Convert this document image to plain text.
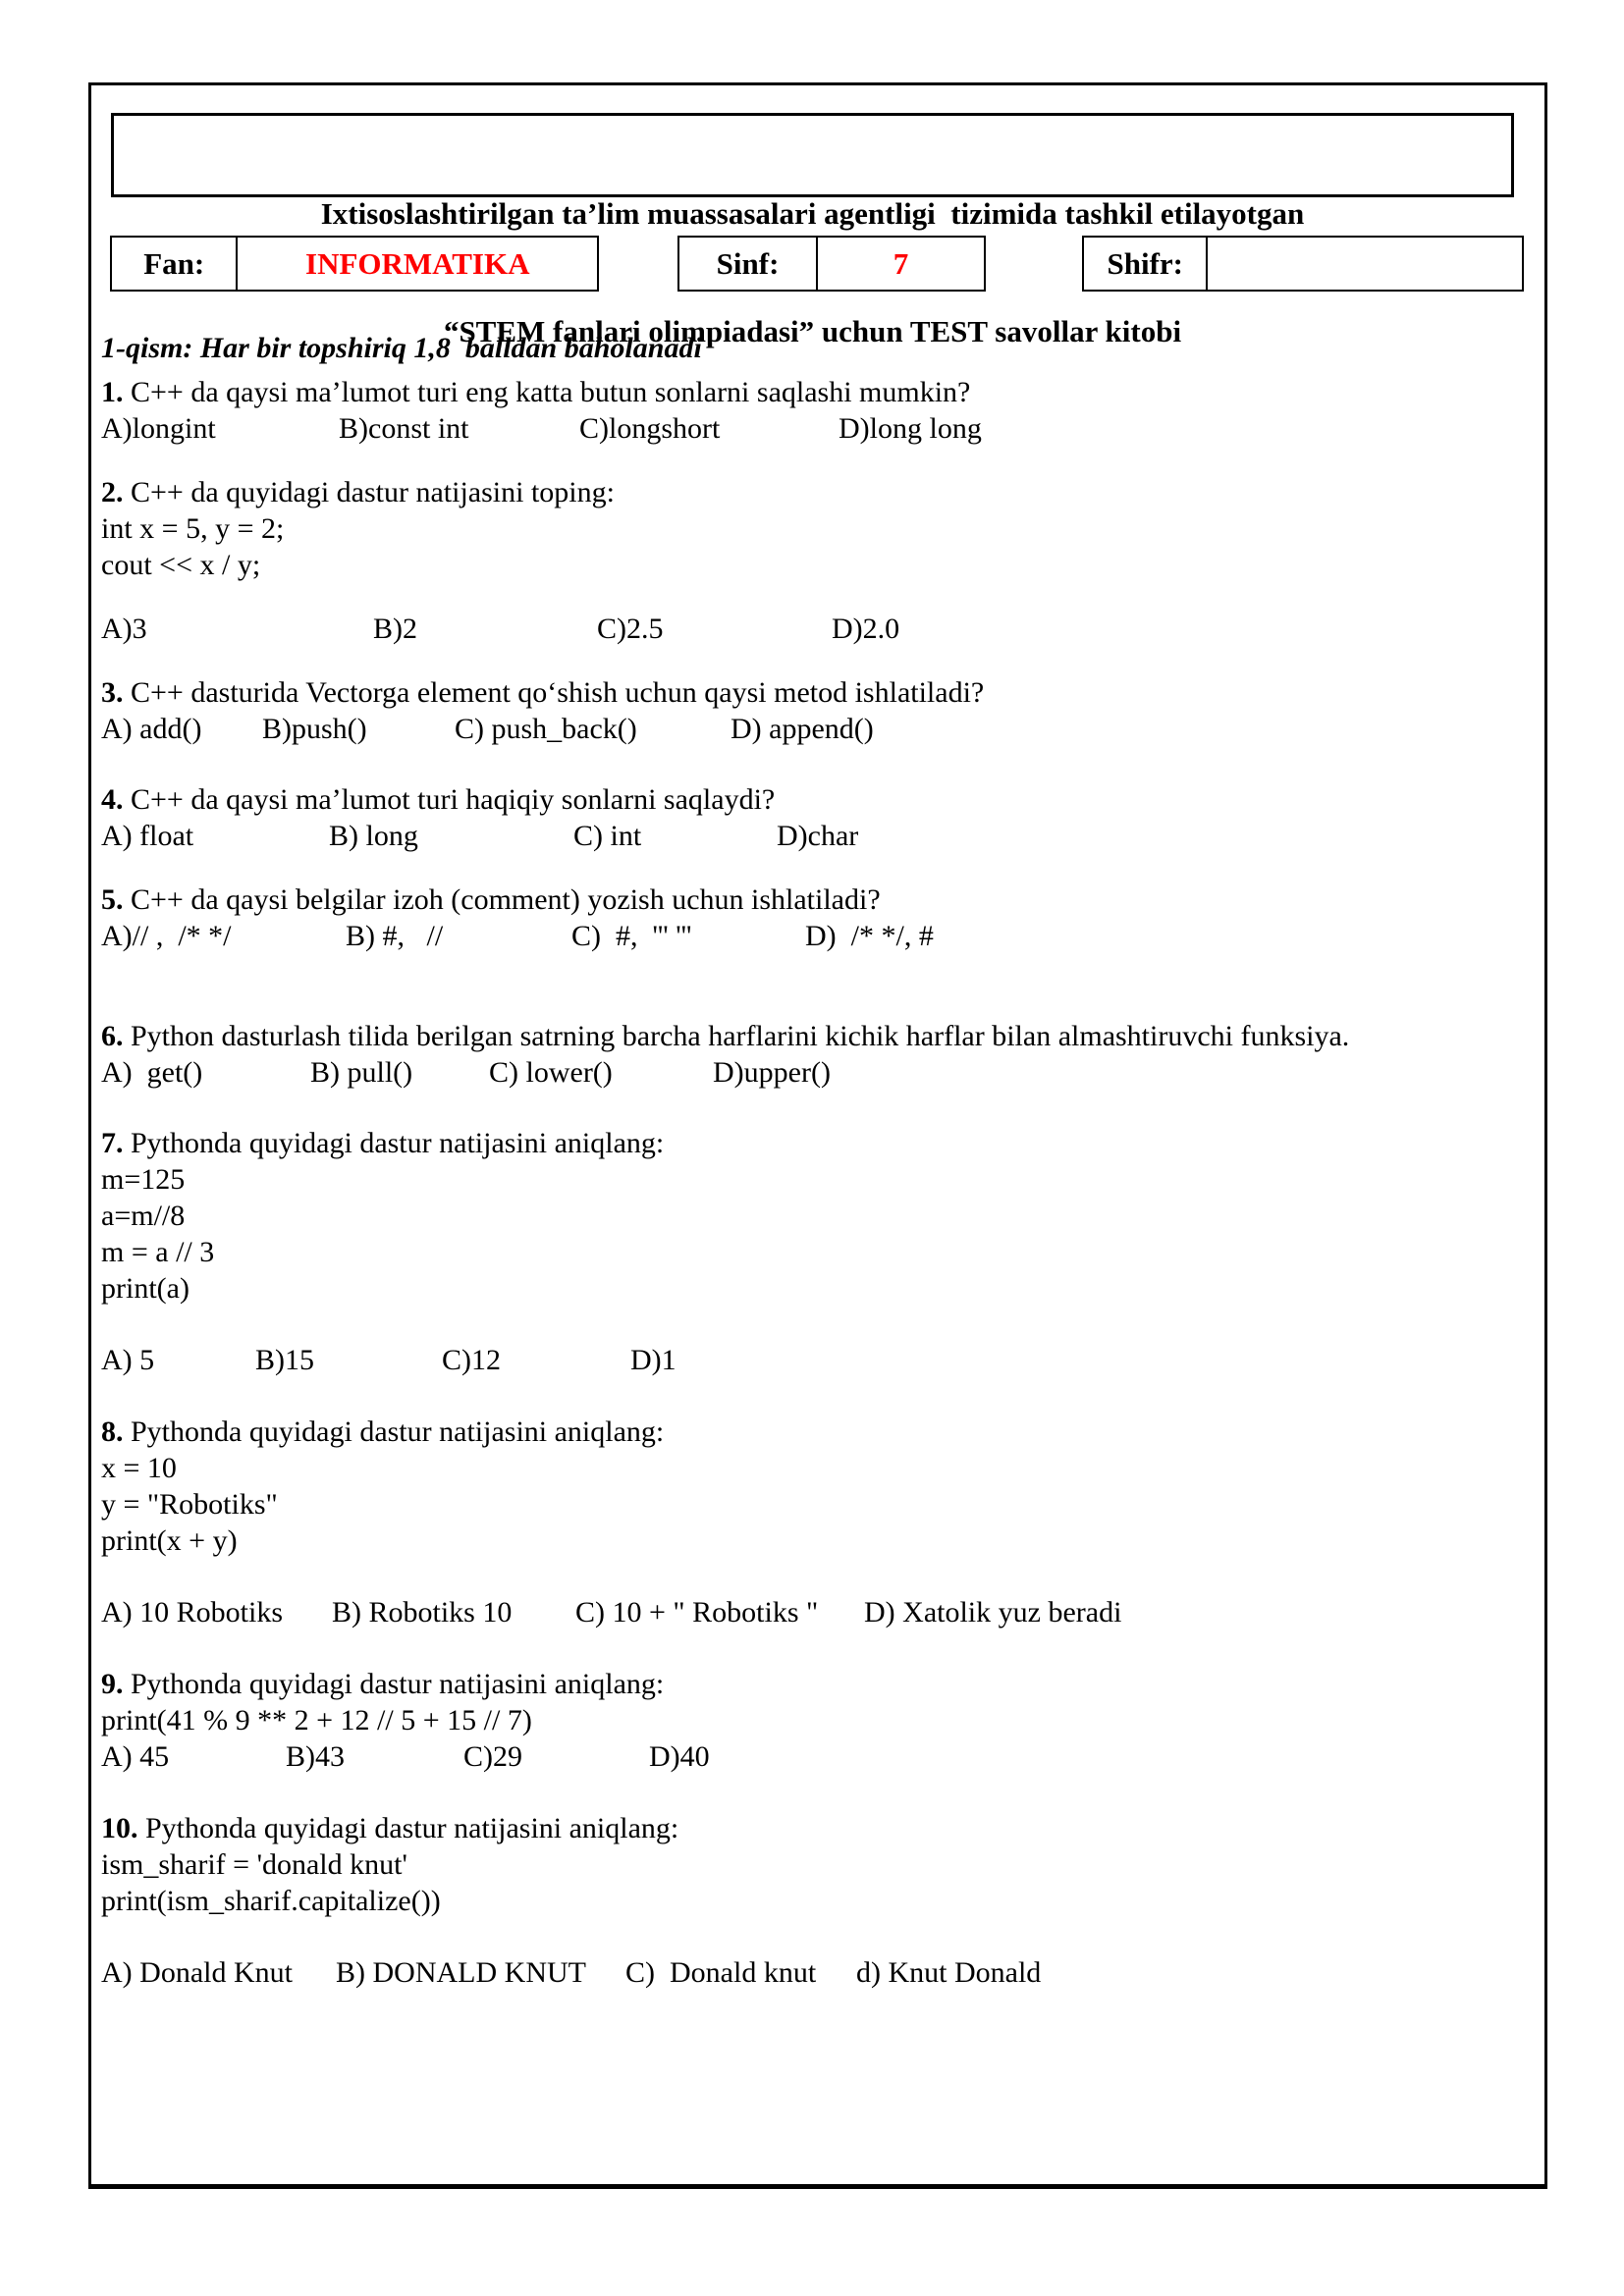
Ixtisoslashtirilgan ta’lim muassasalari agentligi  tizimida tashkil etilayotgan

“STEM fanlari olimpiadasi” uchun TEST savollar kitobi

Fan:	INFORMATIKA	Sinf:	7	Shifr:

1-qism: Har bir topshiriq 1,8  balldan baholanadi

1. C++ da qaysi ma’lumot turi eng katta butun sonlarni saqlashi mumkin?

A)longint	B)const int	C)longshort	D)long long

2. C++ da quyidagi dastur natijasini toping:

int x = 5, y = 2;

cout << x / y;

A)3	B)2	C)2.5	D)2.0

3. C++ dasturida Vectorga element qo‘shish uchun qaysi metod ishlatiladi?

A) add() B)push()	C) push_back()	D) append()

4. C++ da qaysi ma’lumot turi haqiqiy sonlarni saqlaydi?

A) float	B) long	C) int	D)char

5. C++ da qaysi belgilar izoh (comment) yozish uchun ishlatiladi?

A)// ,  /* */	B) #,   //	C)  #,  ''' '''	D)  /* */, #

6. Python dasturlash tilida berilgan satrning barcha harflarini kichik harflar bilan almashtiruvchi funksiya.

A)  get()	B) pull()	C) lower()	D)upper()

7. Pythonda quyidagi dastur natijasini aniqlang:

m=125

a=m//8

m = a // 3

print(a)

A) 5	B)15	C)12	D)1

8. Pythonda quyidagi dastur natijasini aniqlang:

x = 10

y = "Robotiks"

print(x + y)

A) 10 Robotiks B) Robotiks 10 C) 10 + " Robotiks " D) Xatolik yuz beradi

9. Pythonda quyidagi dastur natijasini aniqlang:

print(41 % 9 ** 2 + 12 // 5 + 15 // 7)

A) 45	B)43	C)29	D)40

10. Pythonda quyidagi dastur natijasini aniqlang:

ism_sharif = 'donald knut'

print(ism_sharif.capitalize())

A) Donald Knut B) DONALD KNUT C)  Donald knut d) Knut Donald
